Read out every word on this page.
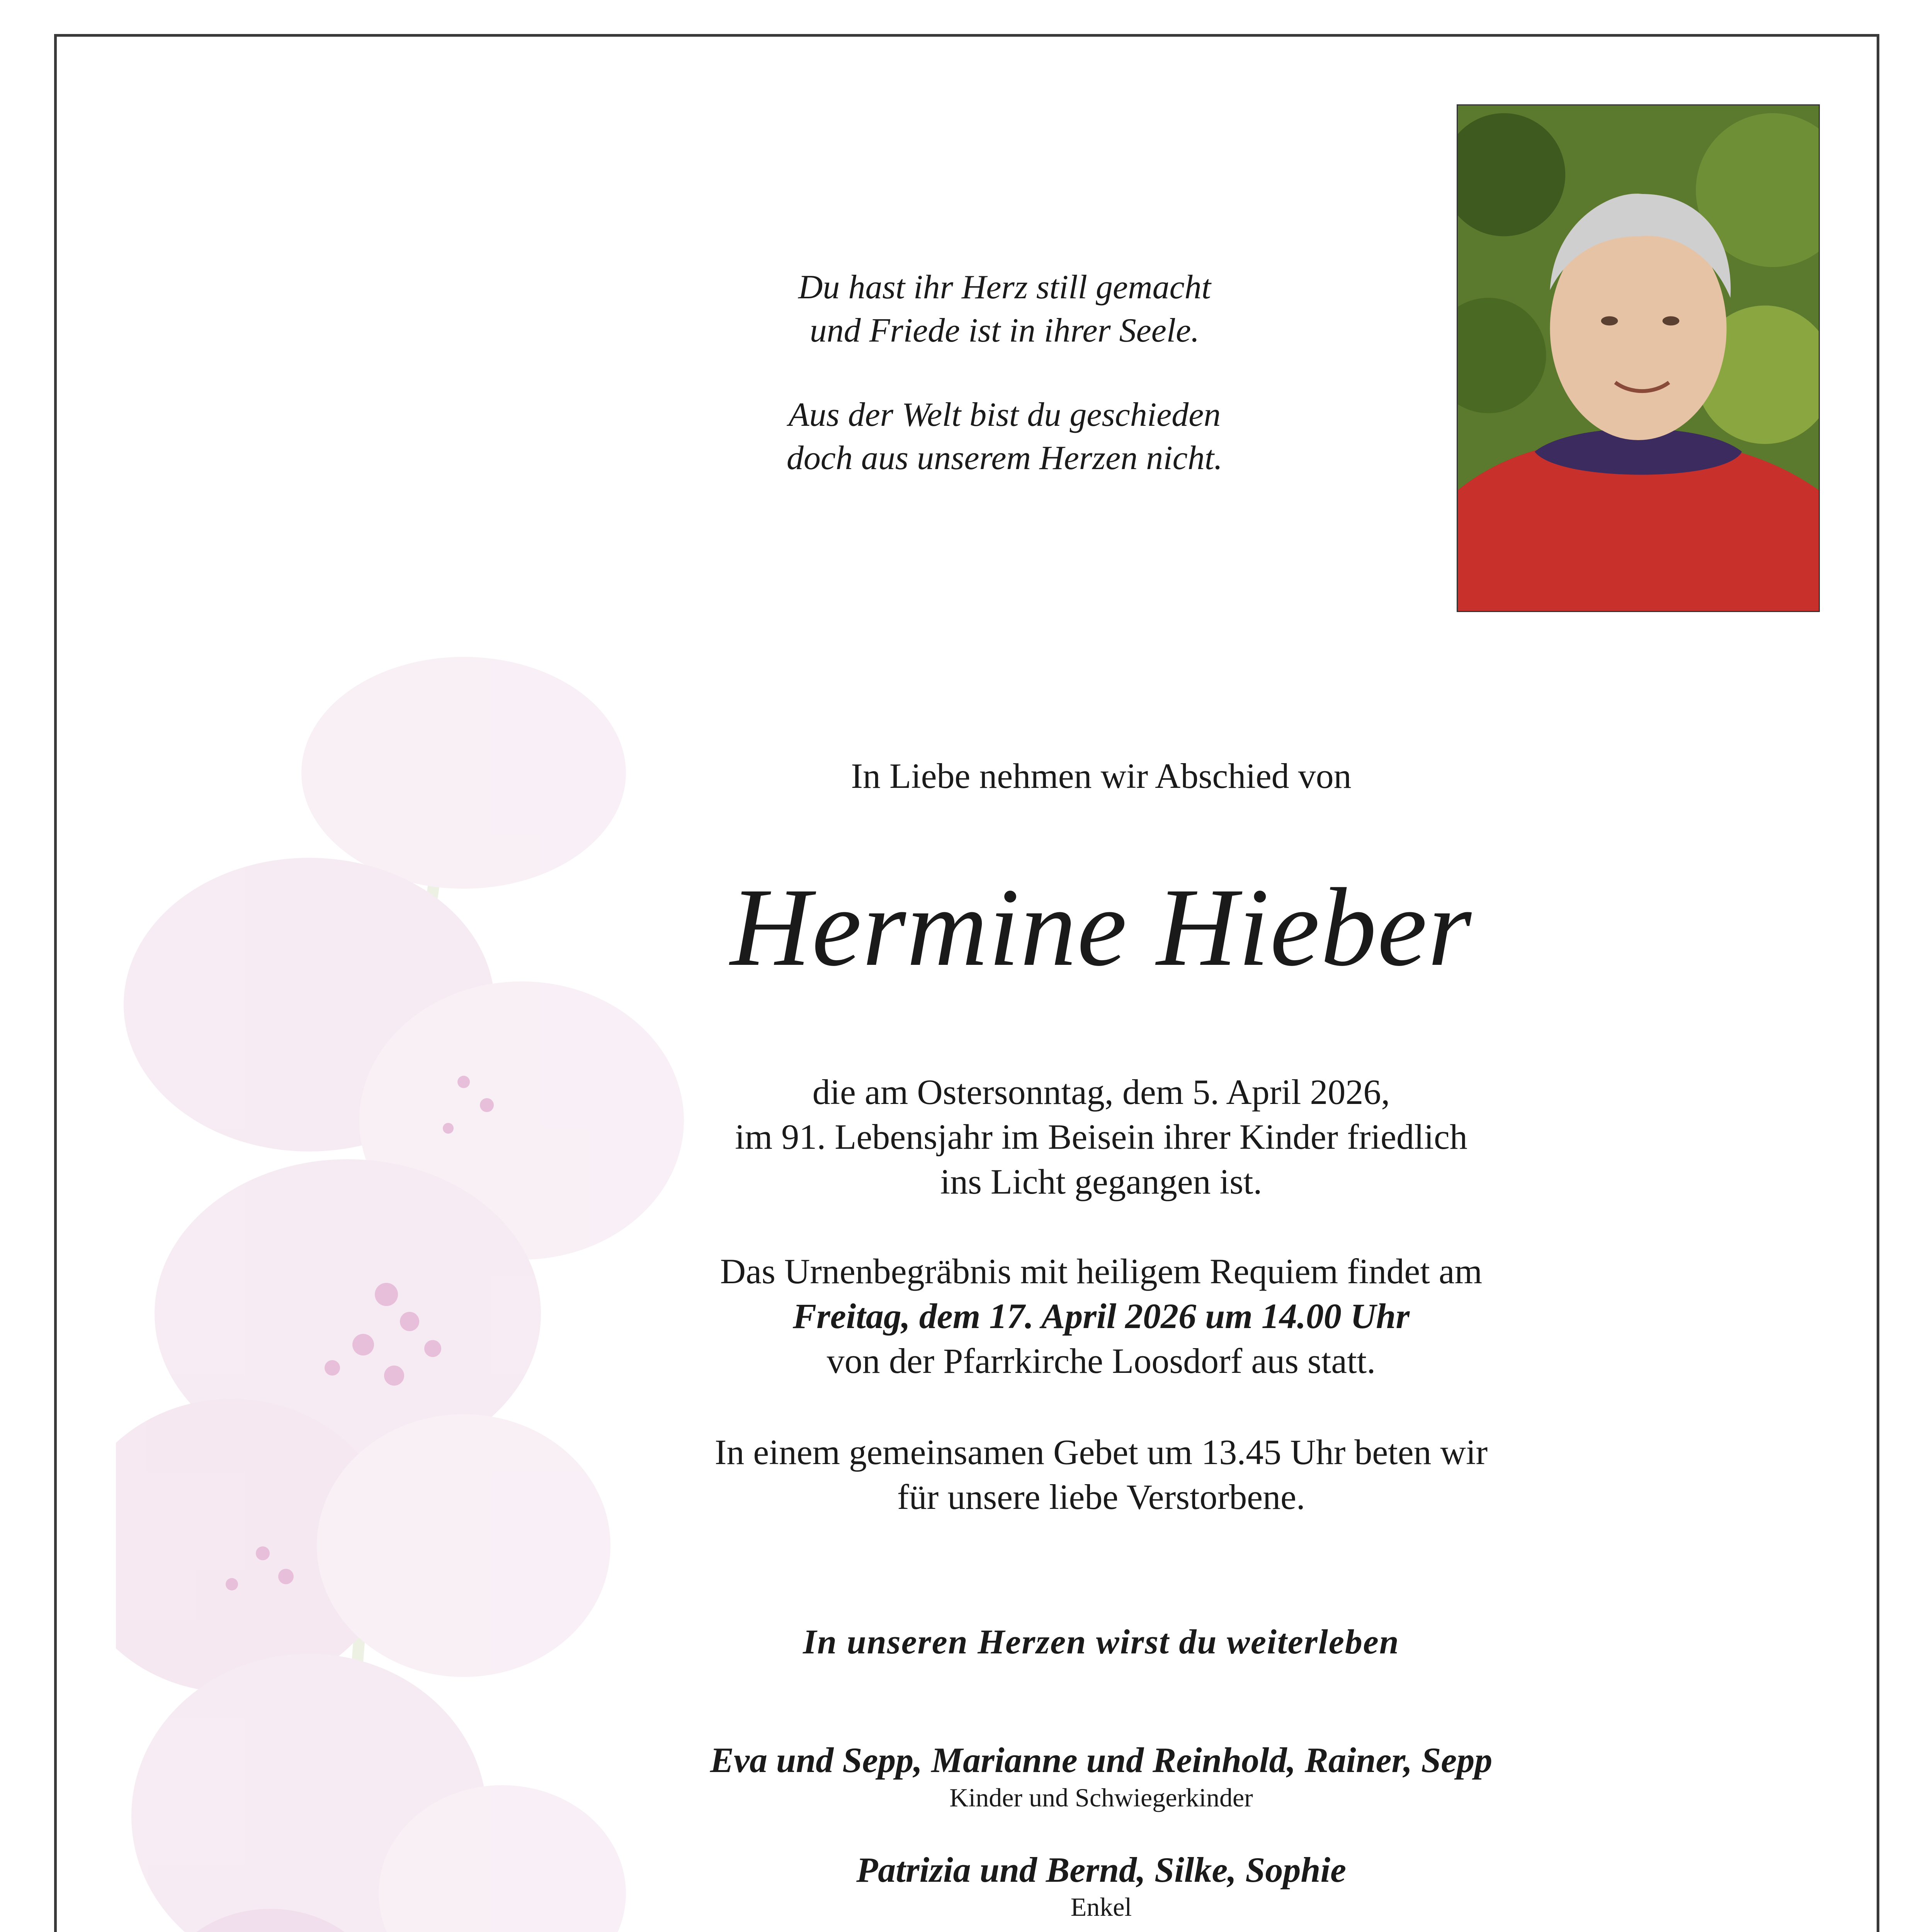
Du hast ihr Herz still gemacht
und Friede ist in ihrer Seele.
Aus der Welt bist du geschieden
doch aus unserem Herzen nicht.
In Liebe nehmen wir Abschied von
Hermine Hieber
die am Ostersonntag, dem 5. April 2026,
im 91. Lebensjahr im Beisein ihrer Kinder friedlich
ins Licht gegangen ist.
Das Urnenbegräbnis mit heiligem Requiem findet am
Freitag, dem 17. April 2026 um 14.00 Uhr
von der Pfarrkirche Loosdorf aus statt.
In einem gemeinsamen Gebet um 13.45 Uhr beten wir
für unsere liebe Verstorbene.
In unseren Herzen wirst du weiterleben
Eva und Sepp, Marianne und Reinhold, Rainer, Sepp
Kinder und Schwiegerkinder
Patrizia und Bernd, Silke, Sophie
Enkel
